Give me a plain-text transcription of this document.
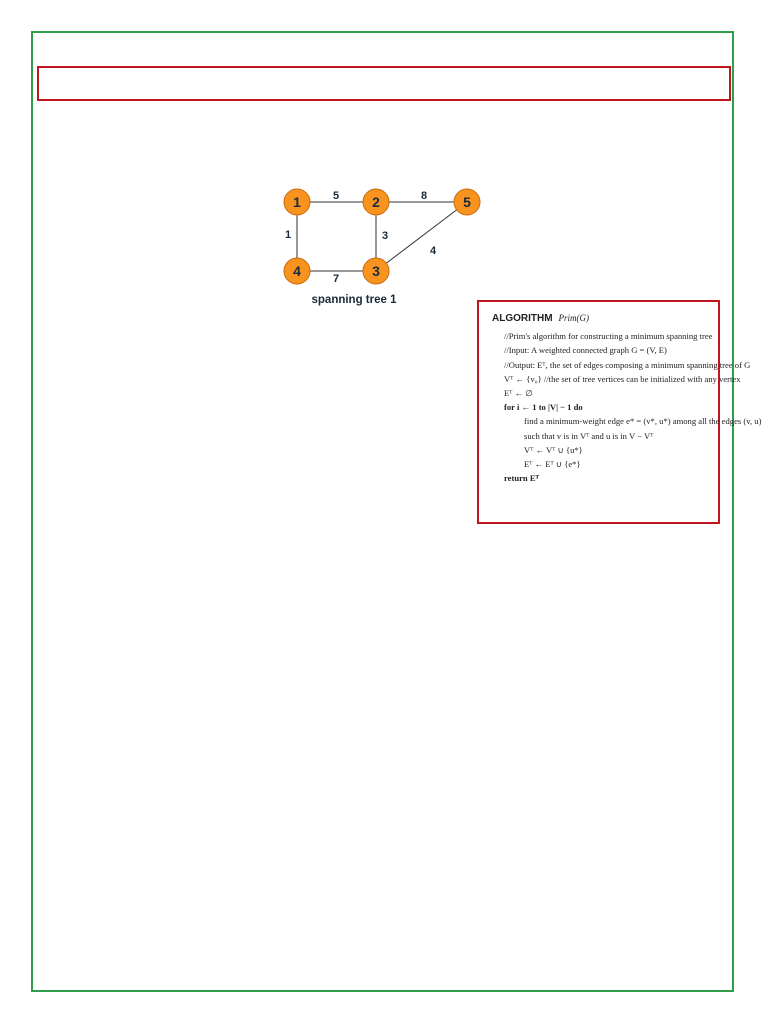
5	8
1	3
4
7
1	2	5
4	3
spanning tree 1
ALGORITHM Prim(G)
//Prim's algorithm for constructing a minimum spanning tree
//Input: A weighted connected graph G = (V, E)
//Output: Eᵀ, the set of edges composing a minimum spanning tree of G
Vᵀ ← {v₀} //the set of tree vertices can be initialized with any vertex
Eᵀ ← ∅
for i ← 1 to |V| − 1 do
find a minimum-weight edge e* = (v*, u*) among all the edges (v, u)
such that v is in Vᵀ and u is in V − Vᵀ
Vᵀ ← Vᵀ ∪ {u*}
Eᵀ ← Eᵀ ∪ {e*}
return Eᵀ
